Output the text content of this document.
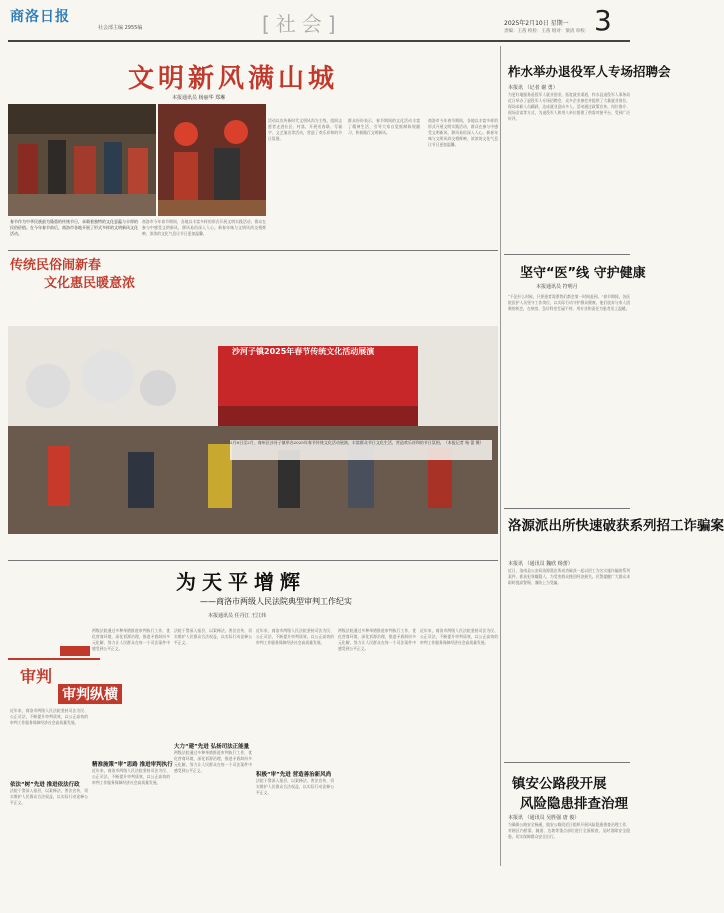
商洛日报
社会部主编 2955编	[社会]	2025年2月10日 星期一
责编：王茜 校检：王茜 组对：梁清 审校： 3
文明新风满山城
本报通讯员 杨丽华 郑琳
春节作为中华民族最为隆重的传统节日，承载着独特的文化意蕴与丰厚的民俗价值。在今年春节前后，商洛市各地开展了形式多样的文明新风文化活动。
商洛市今年春节期间，各地以丰富多样的形式开展文明实践活动，群众在参与中感受文明新风，移风易俗深入人心。新春年味与文明风尚交相辉映，浓浓的文化气息让节日更加温馨。
活动以宣传新时代文明风尚为主线，组织志愿者走进社区、村落，开展送春联、写福字、文艺演出等活动，营造了欢乐祥和的节日氛围。
群众纷纷表示，春节期间的文化活动丰富了精神生活，引导大家自觉抵制陈规陋习，积极践行文明新风。
商洛市今年春节期间，各地以丰富多样的形式开展文明实践活动，群众在参与中感受文明新风，移风易俗深入人心。新春年味与文明风尚交相辉映，浓浓的文化气息让节日更加温馨。
柞水举办退役军人专场招聘会
本报讯 （记者 谢 勇）
为更好地服务退役军人就业创业，拓宽就业渠道，柞水县退役军人事务局近日举办了退役军人专场招聘会，众多企业参会并提供了大量就业岗位，现场求职人员踊跃，达成就业意向多人。活动通过政策宣传、岗位推介、现场洽谈等方式，为退役军人和用人单位搭建了供需对接平台，受到广泛好评。
坚守“医”线 守护健康
本报通讯员 符明月
“不论什么时候，只要患者需要我们都会第一时间赶到。”春节期间，各医院医护人员坚守工作岗位，以实际行动守护群众健康。他们放弃与家人团聚的机会，在病房、急诊科室忙碌不停，用专业和责任为患者送上温暖。
洛源派出所快速破获系列招工诈骗案
本报讯 （通讯员 魏欣 杨蕾）
近日，洛南县公安局洛源派出所成功破获一起以招工为名实施诈骗的系列案件，抓获犯罪嫌疑人，为受害群众挽回经济损失。民警提醒广大群众求职时提高警惕，谨防上当受骗。
镇安公路段开展
风险隐患排查治理
本报讯 （通讯员 吴胜强 唐 俊）
为确保公路安全畅通，镇安公路段近日组织开展风险隐患排查治理工作，对辖区内桥梁、隧道、边坡等重点部位进行全面排查，及时消除安全隐患，切实保障群众安全出行。
传统民俗闹新春
文化惠民暖意浓
沙河子镇2025年春节传统文化活动展演
2月8日至2月，商州区沙河子镇举办2025年春节传统文化活动展演，丰富群众节日文化生活，营造欢乐祥和的节日氛围。（本报记者 杨 蕾 摄）
为天平增辉
——商洛市两级人民法院典型审判工作纪实
本报通讯员 任丹江 王江炜
审判
审判纵横
近年来，商洛市两级人民法院坚持司法为民、公正司法，不断提升审判质效，以公正高效的审判工作服务保障经济社会高质量发展。
依法“树”先进 推进依法行政
法院干警深入基层，以案释法，普法宣传，切实维护人民群众合法权益，以实际行动诠释公平正义。
两级法院通过多种举措推进审判执行工作，优化营商环境，深化诉源治理，推进矛盾纠纷多元化解，努力让人民群众在每一个司法案件中感受到公平正义。
精准施策“审”思路 推进审判执行
近年来，商洛市两级人民法院坚持司法为民、公正司法，不断提升审判质效，以公正高效的审判工作服务保障经济社会高质量发展。
法院干警深入基层，以案释法，普法宣传，切实维护人民群众合法权益，以实际行动诠释公平正义。
大力“建”先进 弘扬司法正能量
两级法院通过多种举措推进审判执行工作，优化营商环境，深化诉源治理，推进矛盾纠纷多元化解，努力让人民群众在每一个司法案件中感受到公平正义。
近年来，商洛市两级人民法院坚持司法为民、公正司法，不断提升审判质效，以公正高效的审判工作服务保障经济社会高质量发展。
积极“审”先进 营造善治新风尚
法院干警深入基层，以案释法，普法宣传，切实维护人民群众合法权益，以实际行动诠释公平正义。
两级法院通过多种举措推进审判执行工作，优化营商环境，深化诉源治理，推进矛盾纠纷多元化解，努力让人民群众在每一个司法案件中感受到公平正义。
近年来，商洛市两级人民法院坚持司法为民、公正司法，不断提升审判质效，以公正高效的审判工作服务保障经济社会高质量发展。
